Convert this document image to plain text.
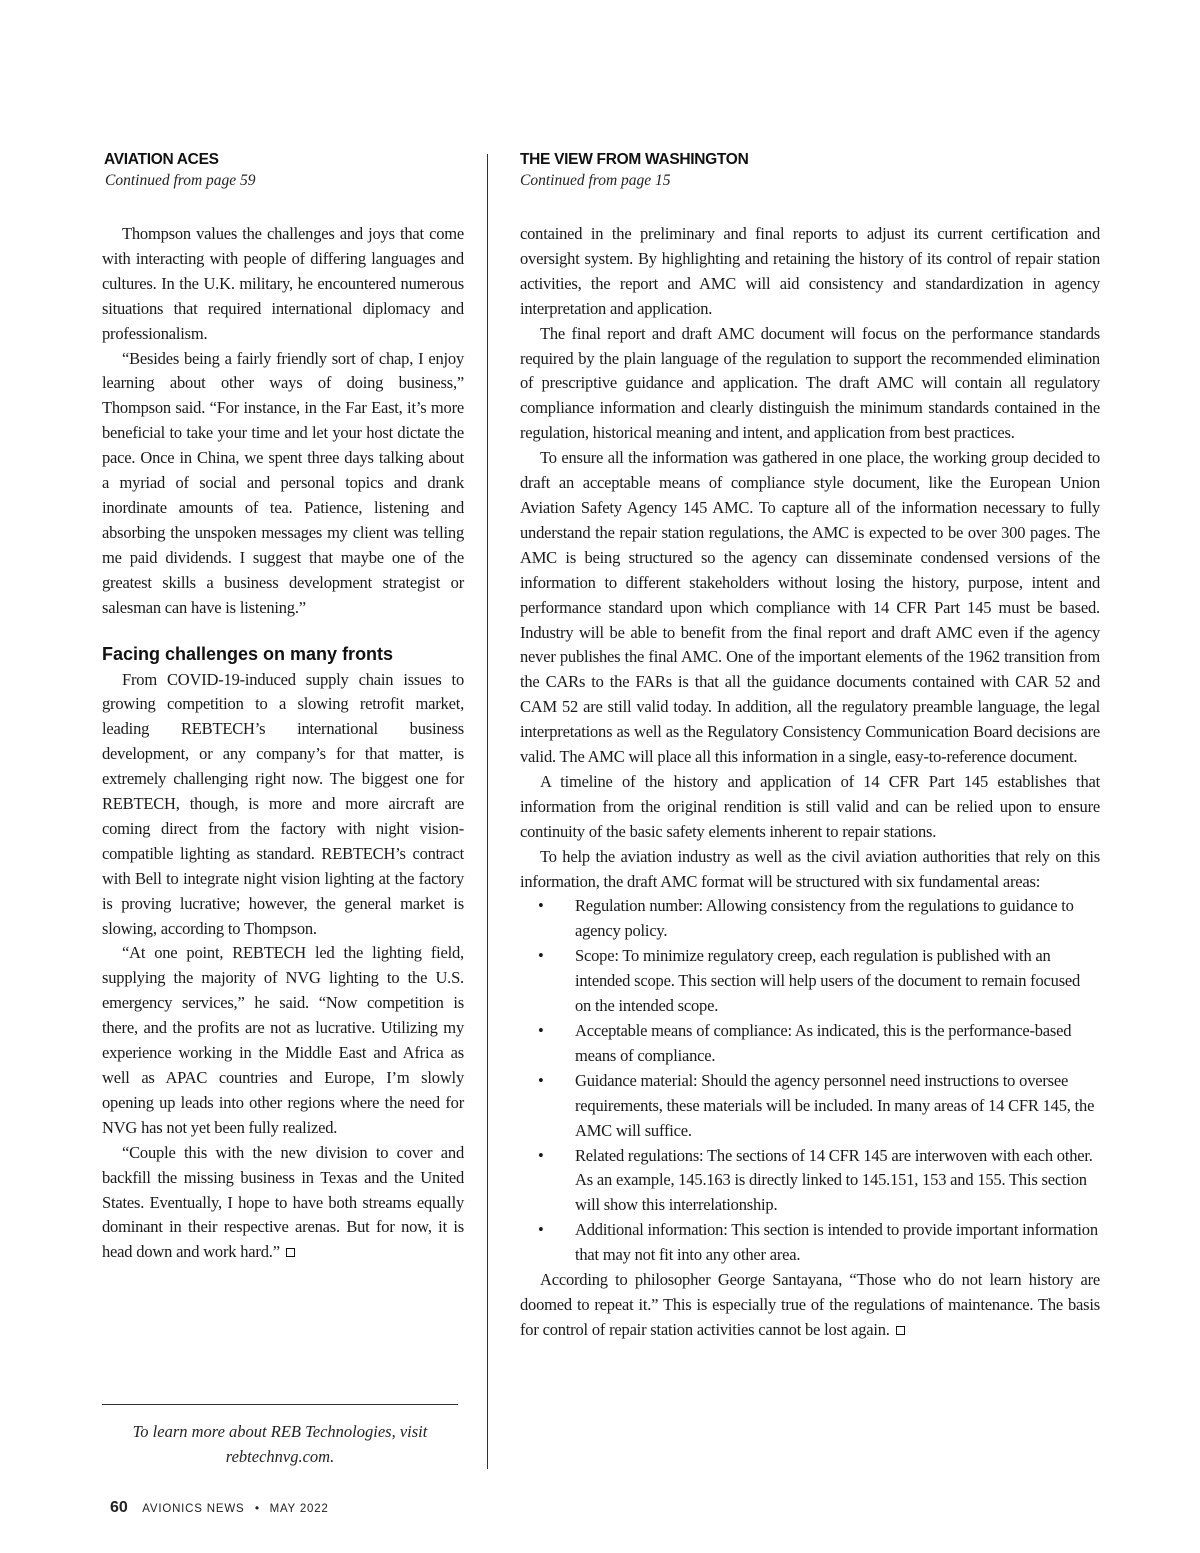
AVIATION ACES
Continued from page 59

Thompson values the challenges and joys that come with interacting with people of differing languages and cultures. In the U.K. military, he encountered numerous situations that required international diplomacy and professionalism.

“Besides being a fairly friendly sort of chap, I enjoy learning about other ways of doing business,” Thompson said. “For instance, in the Far East, it’s more beneficial to take your time and let your host dictate the pace. Once in China, we spent three days talking about a myriad of social and personal topics and drank inordinate amounts of tea. Patience, listening and absorbing the unspoken messages my client was telling me paid dividends. I suggest that maybe one of the greatest skills a business development strategist or salesman can have is listening.”

Facing challenges on many fronts

From COVID-19-induced supply chain issues to growing competition to a slowing retrofit market, leading REBTECH’s international business development, or any company’s for that matter, is extremely challenging right now. The biggest one for REBTECH, though, is more and more aircraft are coming direct from the factory with night vision-compatible lighting as standard. REBTECH’s contract with Bell to integrate night vision lighting at the factory is proving lucrative; however, the general market is slowing, according to Thompson.

“At one point, REBTECH led the lighting field, supplying the majority of NVG lighting to the U.S. emergency services,” he said. “Now competition is there, and the profits are not as lucrative. Utilizing my experience working in the Middle East and Africa as well as APAC countries and Europe, I’m slowly opening up leads into other regions where the need for NVG has not yet been fully realized.

“Couple this with the new division to cover and backfill the missing business in Texas and the United States. Eventually, I hope to have both streams equally dominant in their respective arenas. But for now, it is head down and work hard.”

THE VIEW FROM WASHINGTON
Continued from page 15

contained in the preliminary and final reports to adjust its current certification and oversight system. By highlighting and retaining the history of its control of repair station activities, the report and AMC will aid consistency and standardization in agency interpretation and application.

The final report and draft AMC document will focus on the performance standards required by the plain language of the regulation to support the recommended elimination of prescriptive guidance and application. The draft AMC will contain all regulatory compliance information and clearly distinguish the minimum standards contained in the regulation, historical meaning and intent, and application from best practices.

To ensure all the information was gathered in one place, the working group decided to draft an acceptable means of compliance style document, like the European Union Aviation Safety Agency 145 AMC. To capture all of the information necessary to fully understand the repair station regulations, the AMC is expected to be over 300 pages. The AMC is being structured so the agency can disseminate condensed versions of the information to different stakeholders without losing the history, purpose, intent and performance standard upon which compliance with 14 CFR Part 145 must be based. Industry will be able to benefit from the final report and draft AMC even if the agency never publishes the final AMC. One of the important elements of the 1962 transition from the CARs to the FARs is that all the guidance documents contained with CAR 52 and CAM 52 are still valid today. In addition, all the regulatory preamble language, the legal interpretations as well as the Regulatory Consistency Communication Board decisions are valid. The AMC will place all this information in a single, easy-to-reference document.

A timeline of the history and application of 14 CFR Part 145 establishes that information from the original rendition is still valid and can be relied upon to ensure continuity of the basic safety elements inherent to repair stations.

To help the aviation industry as well as the civil aviation authorities that rely on this information, the draft AMC format will be structured with six fundamental areas:

• Regulation number: Allowing consistency from the regulations to guidance to agency policy.
• Scope: To minimize regulatory creep, each regulation is published with an intended scope. This section will help users of the document to remain focused on the intended scope.
• Acceptable means of compliance: As indicated, this is the performance-based means of compliance.
• Guidance material: Should the agency personnel need instructions to oversee requirements, these materials will be included. In many areas of 14 CFR 145, the AMC will suffice.
• Related regulations: The sections of 14 CFR 145 are interwoven with each other. As an example, 145.163 is directly linked to 145.151, 153 and 155. This section will show this interrelationship.
• Additional information: This section is intended to provide important information that may not fit into any other area.

According to philosopher George Santayana, “Those who do not learn history are doomed to repeat it.” This is especially true of the regulations of maintenance. The basis for control of repair station activities cannot be lost again.

To learn more about REB Technologies, visit
rebtechnvg.com.
60 AVIONICS NEWS • MAY 2022
